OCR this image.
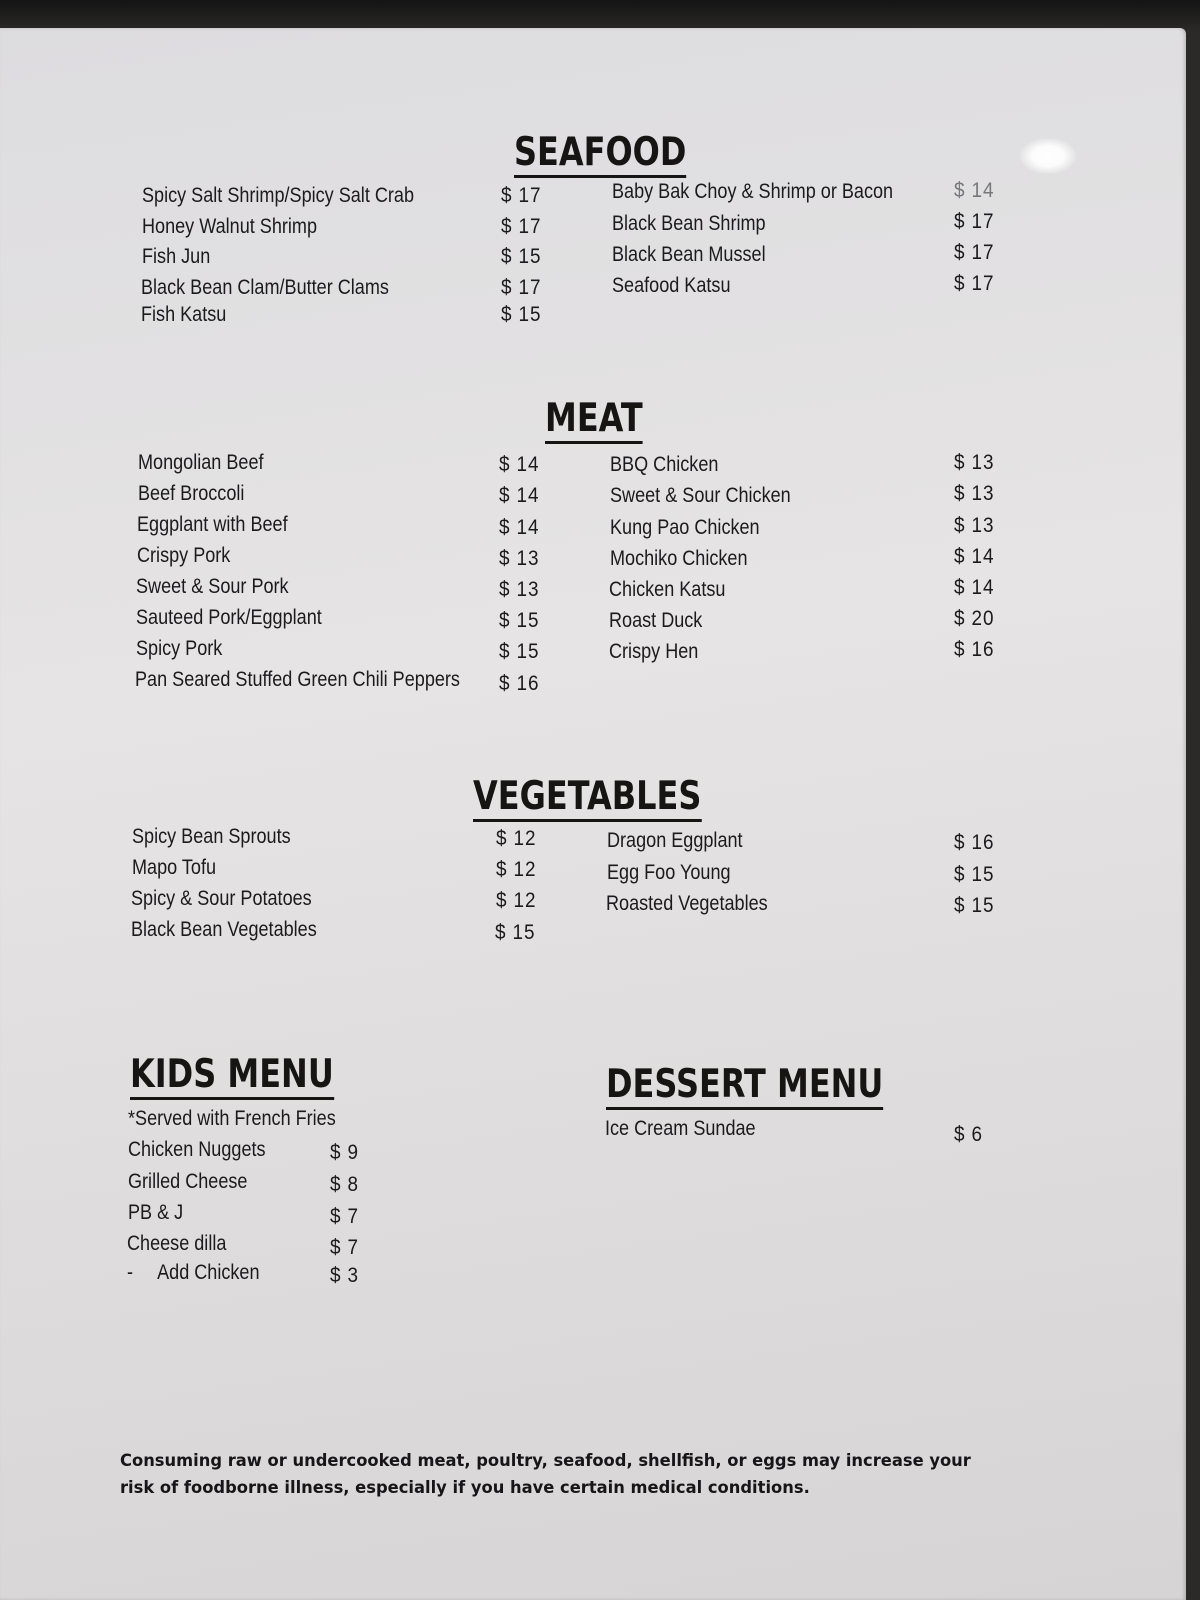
SEAFOOD
Spicy Salt Shrimp/Spicy Salt Crab	$ 17
Honey Walnut Shrimp	$ 17
Fish Jun	$ 15
Black Bean Clam/Butter Clams	$ 17
Fish Katsu	$ 15
Baby Bak Choy & Shrimp or Bacon	$ 14
Black Bean Shrimp	$ 17
Black Bean Mussel	$ 17
Seafood Katsu	$ 17
MEAT
Mongolian Beef	$ 14
Beef Broccoli	$ 14
Eggplant with Beef	$ 14
Crispy Pork	$ 13
Sweet & Sour Pork	$ 13
Sauteed Pork/Eggplant	$ 15
Spicy Pork	$ 15
Pan Seared Stuffed Green Chili Peppers $ 16
BBQ Chicken	$ 13
Sweet & Sour Chicken	$ 13
Kung Pao Chicken	$ 13
Mochiko Chicken	$ 14
Chicken Katsu	$ 14
Roast Duck	$ 20
Crispy Hen	$ 16
VEGETABLES
Spicy Bean Sprouts	$ 12
Mapo Tofu	$ 12
Spicy & Sour Potatoes	$ 12
Black Bean Vegetables	$ 15
Dragon Eggplant	$ 16
Egg Foo Young	$ 15
Roasted Vegetables	$ 15
KIDS MENU
*Served with French Fries
Chicken Nuggets	$ 9
Grilled Cheese	$ 8
PB & J	$ 7
Cheese dilla	$ 7
-     Add Chicken	$ 3
DESSERT MENU
Ice Cream Sundae	$ 6
Consuming raw or undercooked meat, poultry, seafood, shellfish, or eggs may increase your risk of foodborne illness, especially if you have certain medical conditions.
